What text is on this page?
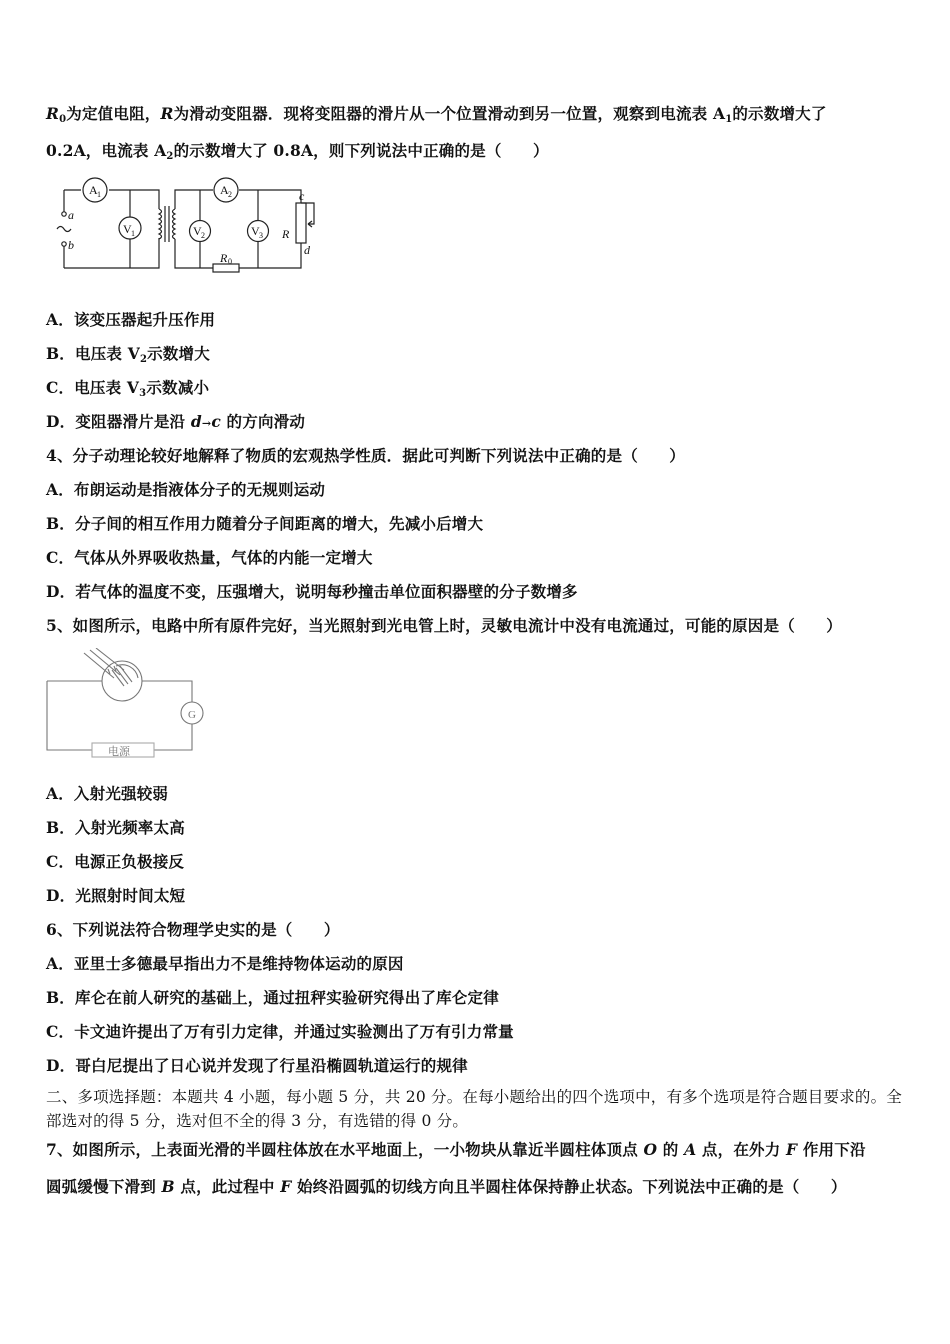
$R_0$为定值电阻，R为滑动变阻器．现将变阻器的滑片从一个位置滑动到另一位置，观察到电流表 $A_1$的示数增大了
0.2A，电流表 $A_2$的示数增大了 0.8A，则下列说法中正确的是（　　）
A 1	A 2
V 1	V 2	V 3 R
R 0
a
b
c
d
A．该变压器起升压作用
B．电压表 $V_2$示数增大
C．电压表 $V_3$示数减小
D．变阻器滑片是沿 d→c 的方向滑动
4、分子动理论较好地解释了物质的宏观热学性质．据此可判断下列说法中正确的是（　　）
A．布朗运动是指液体分子的无规则运动
B．分子间的相互作用力随着分子间距离的增大，先减小后增大
C．气体从外界吸收热量，气体的内能一定增大
D．若气体的温度不变，压强增大，说明每秒撞击单位面积器壁的分子数增多
5、如图所示，电路中所有原件完好，当光照射到光电管上时，灵敏电流计中没有电流通过，可能的原因是（　　）
G
电源
A．入射光强较弱
B．入射光频率太高
C．电源正负极接反
D．光照射时间太短
6、下列说法符合物理学史实的是（　　）
A．亚里士多德最早指出力不是维持物体运动的原因
B．库仑在前人研究的基础上，通过扭秤实验研究得出了库仑定律
C．卡文迪许提出了万有引力定律，并通过实验测出了万有引力常量
D．哥白尼提出了日心说并发现了行星沿椭圆轨道运行的规律
二、多项选择题：本题共 4 小题，每小题 5 分，共 20 分。在每小题给出的四个选项中，有多个选项是符合题目要求的。全部选对的得 5 分，选对但不全的得 3 分，有选错的得 0 分。
7、如图所示，上表面光滑的半圆柱体放在水平地面上，一小物块从靠近半圆柱体顶点 O 的 A 点，在外力 F 作用下沿
圆弧缓慢下滑到 B 点，此过程中 F 始终沿圆弧的切线方向且半圆柱体保持静止状态。下列说法中正确的是（　　）
